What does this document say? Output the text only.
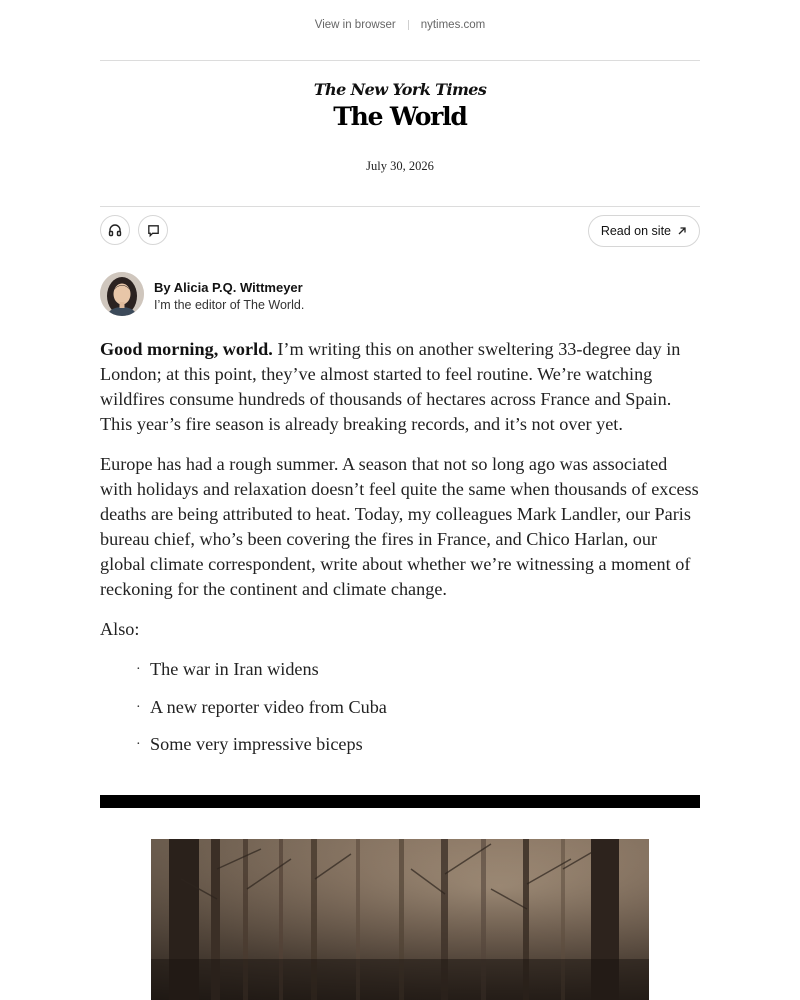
View in browser nytimes.com
The New York Times
The World
July 30, 2026
Read on site
By Alicia P.Q. Wittmeyer
I’m the editor of The World.

Good morning, world. I’m writing this on another sweltering 33-degree day in London; at this point, they’ve almost started to feel routine. We’re watching wildfires consume hundreds of thousands of hectares across France and Spain. This year’s fire season is already breaking records, and it’s not over yet.

Europe has had a rough summer. A season that not so long ago was associated with holidays and relaxation doesn’t feel quite the same when thousands of excess deaths are being attributed to heat. Today, my colleagues Mark Landler, our Paris bureau chief, who’s been covering the fires in France, and Chico Harlan, our global climate correspondent, write about whether we’re witnessing a moment of reckoning for the continent and climate change.

Also:

· The war in Iran widens
· A new reporter video from Cuba
· Some very impressive biceps
